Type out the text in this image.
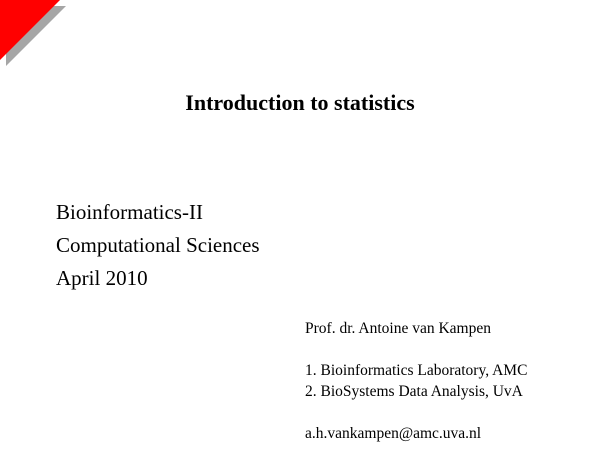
Introduction to statistics
Bioinformatics-II
Computational Sciences
April 2010
Prof. dr. Antoine van Kampen
1. Bioinformatics Laboratory, AMC
2. BioSystems Data Analysis, UvA
a.h.vankampen@amc.uva.nl
